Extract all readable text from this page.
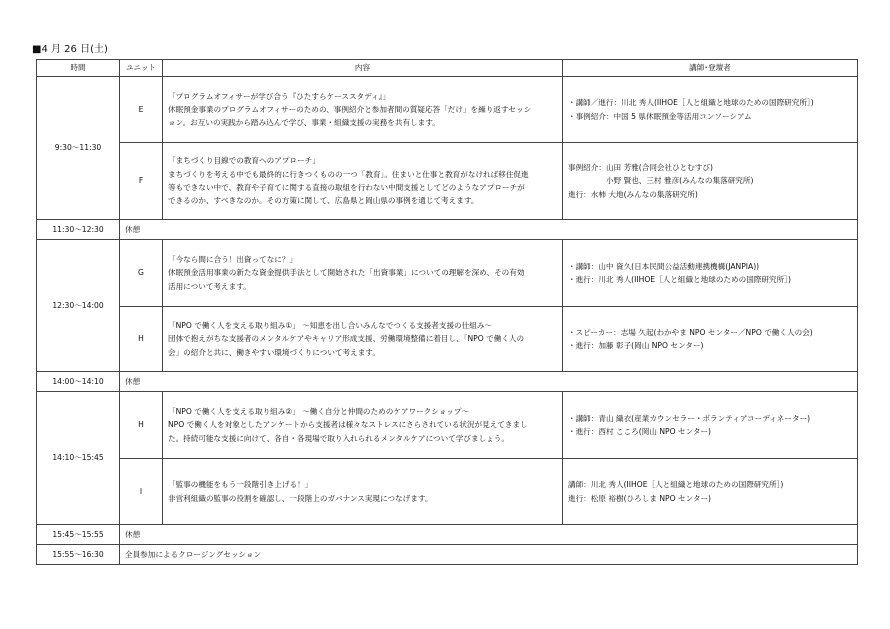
■4 月 26 日(土)
時間	ユニット	内容	講師･登壇者
9:30～11:30	E	「プログラムオフィサーが学び合う『ひたすらケーススタディ』」
休眠預金事業のプログラムオフィサーのための、事例紹介と参加者間の質疑応答「だけ」を繰り返すセッシ
ョン。お互いの実践から踏み込んで学び、事業・組織支援の実務を共有します。	・講師／進行：川北 秀人(IIHOE［人と組織と地球のための国際研究所］)
・事例紹介：中国 5 県休眠預金等活用コンソーシアム

	F	「まちづくり目線での教育へのアプローチ」
まちづくりを考える中でも最終的に行きつくものの一つ「教育」。住まいと仕事と教育がなければ移住促進
等もできない中で、教育や子育てに関する直接の取組を行わない中間支援としてどのようなアプローチが
できるのか、すべきなのか。その方策に関して、広島県と岡山県の事例を通じて考えます。	事例紹介：山田 芳雅(合同会社ひとむすび)
小野 賢也、三村 雅彦(みんなの集落研究所)
進行：水柿 大地(みんなの集落研究所)

11:30～12:30	休憩		
12:30～14:00	G	「今なら間に合う！出資ってなに？」
休眠預金活用事業の新たな資金提供手法として開始された「出資事業」についての理解を深め、その有効
活用について考えます。	・講師：山中 資久(日本民間公益活動連携機構(JANPIA))
・進行：川北 秀人(IIHOE［人と組織と地球のための国際研究所］)

	H	「NPO で働く人を支える取り組み①」 ～知恵を出し合いみんなでつくる支援者支援の仕組み～
団体で抱えがちな支援者のメンタルケアやキャリア形成支援、労働環境整備に着目し、「NPO で働く人の
会」の紹介と共に、働きやすい環境づくりについて考えます。	・スピーカー：志場 久起(わかやま NPO センター／NPO で働く人の会)
・進行：加藤 彰子(岡山 NPO センター)

14:00～14:10	休憩		
14:10～15:45	H	「NPO で働く人を支える取り組み②」 ～働く自分と仲間のためのケアワークショップ～
NPO で働く人を対象としたアンケートから支援者は様々なストレスにさらされている状況が見えてきまし
た。持続可能な支援に向けて、各自・各現場で取り入れられるメンタルケアについて学びましょう。	・講師：青山 織衣(産業カウンセラー・ボランティアコーディネーター)
・進行：西村 こころ(岡山 NPO センター)

	I	「監事の機能をもう一段階引き上げる！」
非営利組織の監事の役割を確認し、一段階上のガバナンス実現につなげます。	講師：川北 秀人(IIHOE［人と組織と地球のための国際研究所］)
進行：松原 裕樹(ひろしま NPO センター)

15:45～15:55	休憩		
15:55～16:30	全員参加によるクロージングセッション		
